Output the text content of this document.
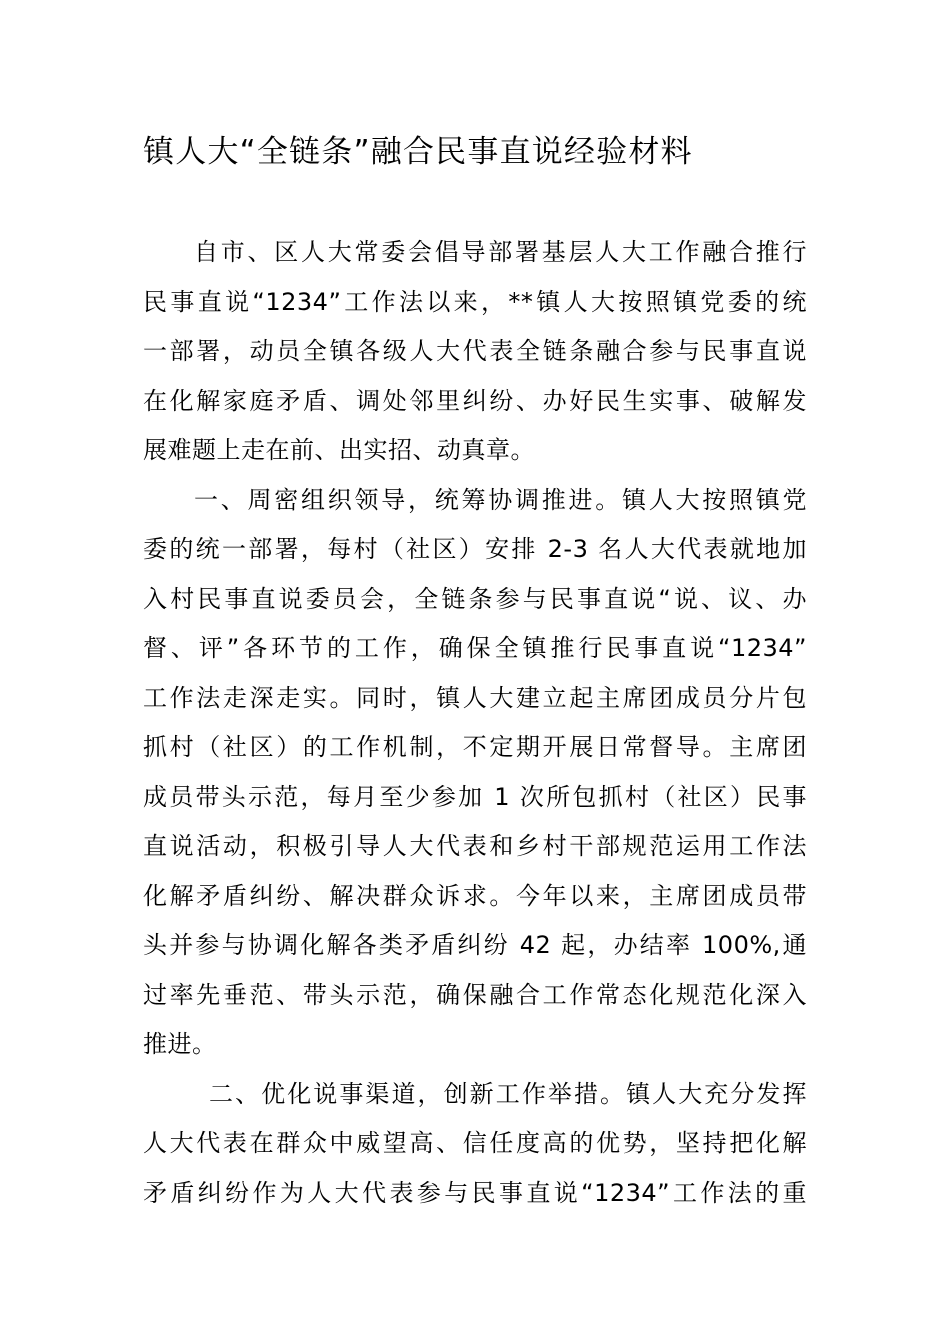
镇人大“全链条”融合民事直说经验材料
自市、区人大常委会倡导部署基层人大工作融合推行
民事直说“1234”工作法以来，**镇人大按照镇党委的统
一部署，动员全镇各级人大代表全链条融合参与民事直说
在化解家庭矛盾、调处邻里纠纷、办好民生实事、破解发
展难题上走在前、出实招、动真章。
一、周密组织领导，统筹协调推进。镇人大按照镇党
委的统一部署，每村（社区）安排 2-3 名人大代表就地加
入村民事直说委员会，全链条参与民事直说“说、议、办
督、评”各环节的工作，确保全镇推行民事直说“1234”
工作法走深走实。同时，镇人大建立起主席团成员分片包
抓村（社区）的工作机制，不定期开展日常督导。主席团
成员带头示范，每月至少参加 1 次所包抓村（社区）民事
直说活动，积极引导人大代表和乡村干部规范运用工作法
化解矛盾纠纷、解决群众诉求。今年以来，主席团成员带
头并参与协调化解各类矛盾纠纷 42 起，办结率 100%,通
过率先垂范、带头示范，确保融合工作常态化规范化深入
推进。
二、优化说事渠道，创新工作举措。镇人大充分发挥
人大代表在群众中威望高、信任度高的优势，坚持把化解
矛盾纠纷作为人大代表参与民事直说“1234”工作法的重
